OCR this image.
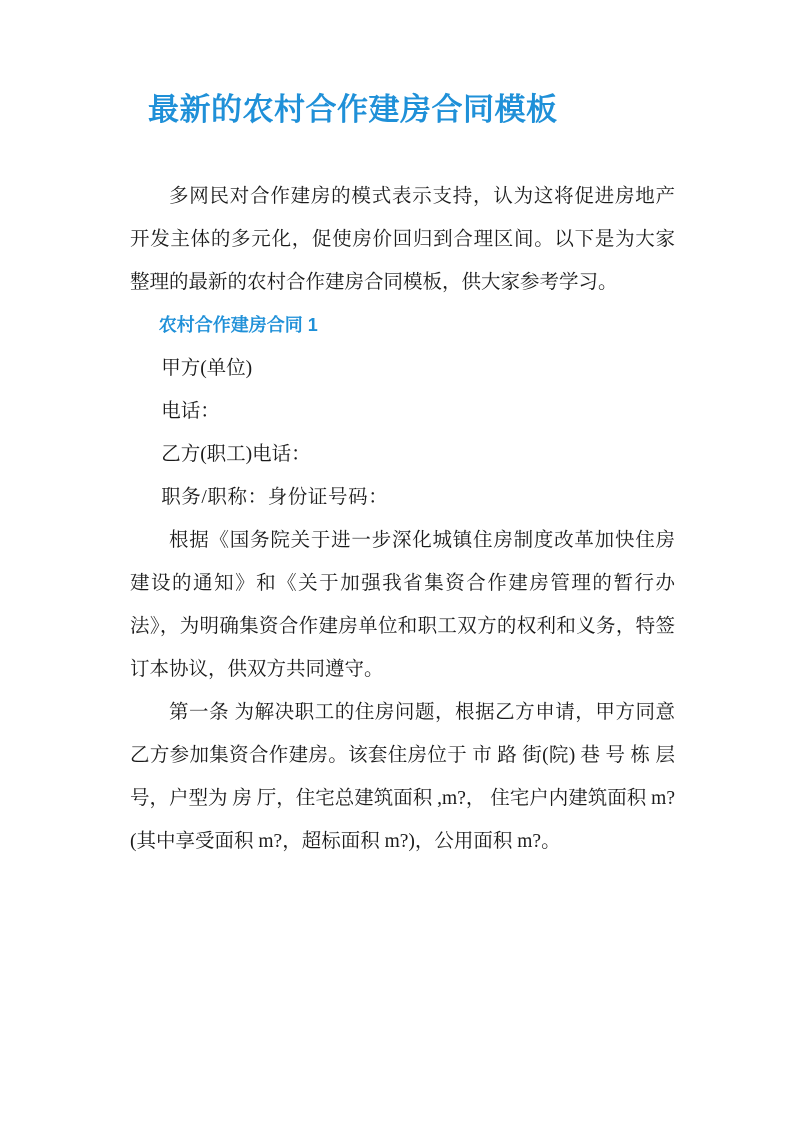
最新的农村合作建房合同模板

多网民对合作建房的模式表示支持，认为这将促进房地产开发主体的多元化，促使房价回归到合理区间。以下是为大家整理的最新的农村合作建房合同模板，供大家参考学习。

农村合作建房合同 1

甲方(单位)

电话：

乙方(职工)电话：

职务/职称：身份证号码：

根据《国务院关于进一步深化城镇住房制度改革加快住房建设的通知》和《关于加强我省集资合作建房管理的暂行办法》，为明确集资合作建房单位和职工双方的权利和义务，特签订本协议，供双方共同遵守。

第一条 为解决职工的住房问题，根据乙方申请，甲方同意乙方参加集资合作建房。该套住房位于 市 路 街(院) 巷 号 栋 层 号，户型为 房 厅，住宅总建筑面积 ,m?， 住宅户内建筑面积 m?(其中享受面积 m?，超标面积 m?)，公用面积 m?。
